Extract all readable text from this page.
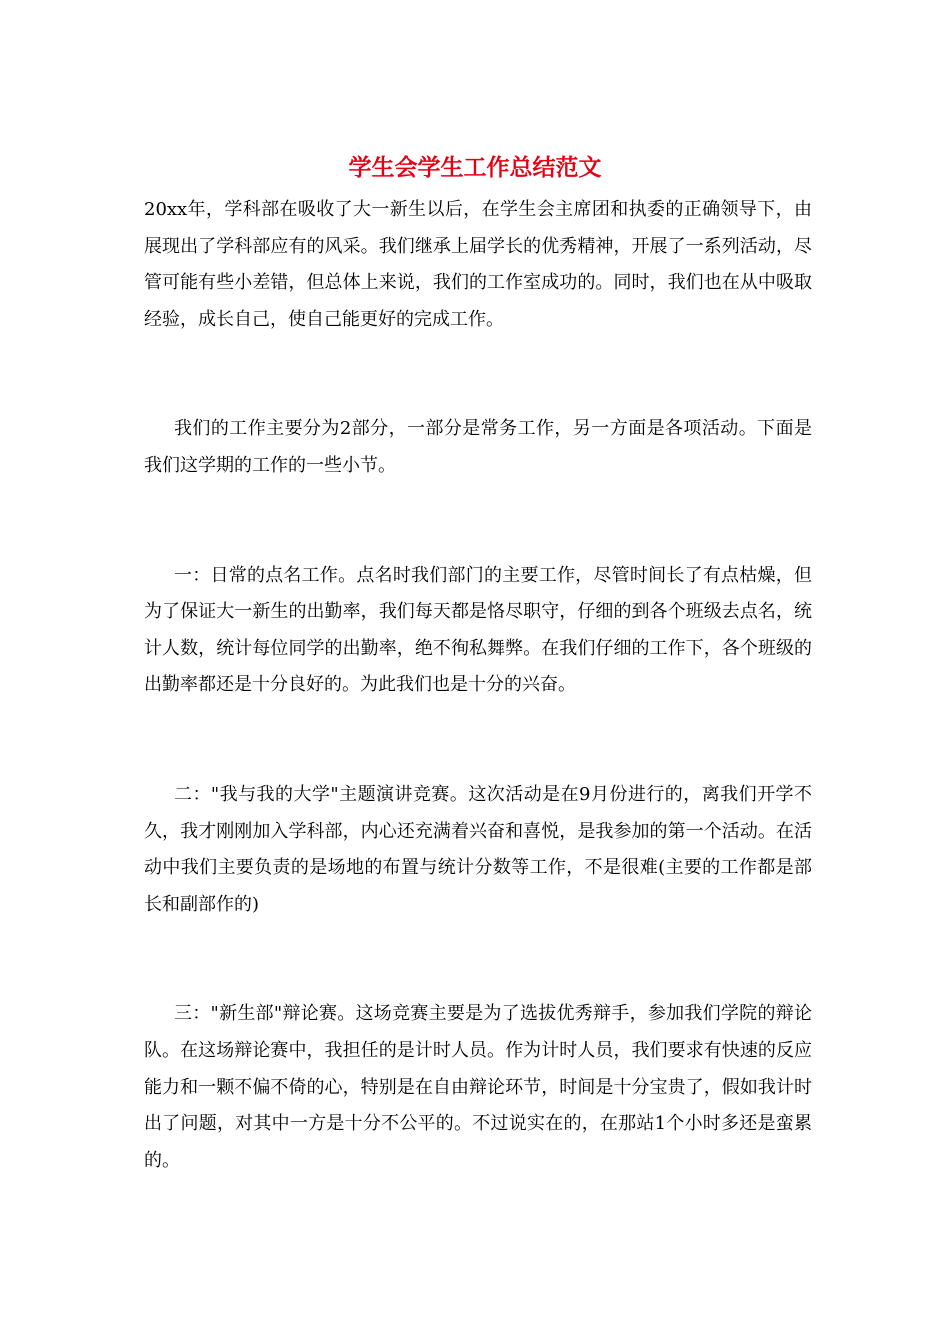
学生会学生工作总结范文

20xx年，学科部在吸收了大一新生以后，在学生会主席团和执委的正确领导下，由展现出了学科部应有的风采。我们继承上届学长的优秀精神，开展了一系列活动，尽管可能有些小差错，但总体上来说，我们的工作室成功的。同时，我们也在从中吸取经验，成长自己，使自己能更好的完成工作。

我们的工作主要分为2部分，一部分是常务工作，另一方面是各项活动。下面是我们这学期的工作的一些小节。

一：日常的点名工作。点名时我们部门的主要工作，尽管时间长了有点枯燥，但为了保证大一新生的出勤率，我们每天都是恪尽职守，仔细的到各个班级去点名，统计人数，统计每位同学的出勤率，绝不徇私舞弊。在我们仔细的工作下，各个班级的出勤率都还是十分良好的。为此我们也是十分的兴奋。

二："我与我的大学"主题演讲竞赛。这次活动是在9月份进行的，离我们开学不久，我才刚刚加入学科部，内心还充满着兴奋和喜悦，是我参加的第一个活动。在活动中我们主要负责的是场地的布置与统计分数等工作，不是很难(主要的工作都是部长和副部作的)

三："新生部"辩论赛。这场竞赛主要是为了选拔优秀辩手，参加我们学院的辩论队。在这场辩论赛中，我担任的是计时人员。作为计时人员，我们要求有快速的反应能力和一颗不偏不倚的心，特别是在自由辩论环节，时间是十分宝贵了，假如我计时出了问题，对其中一方是十分不公平的。不过说实在的，在那站1个小时多还是蛮累的。
